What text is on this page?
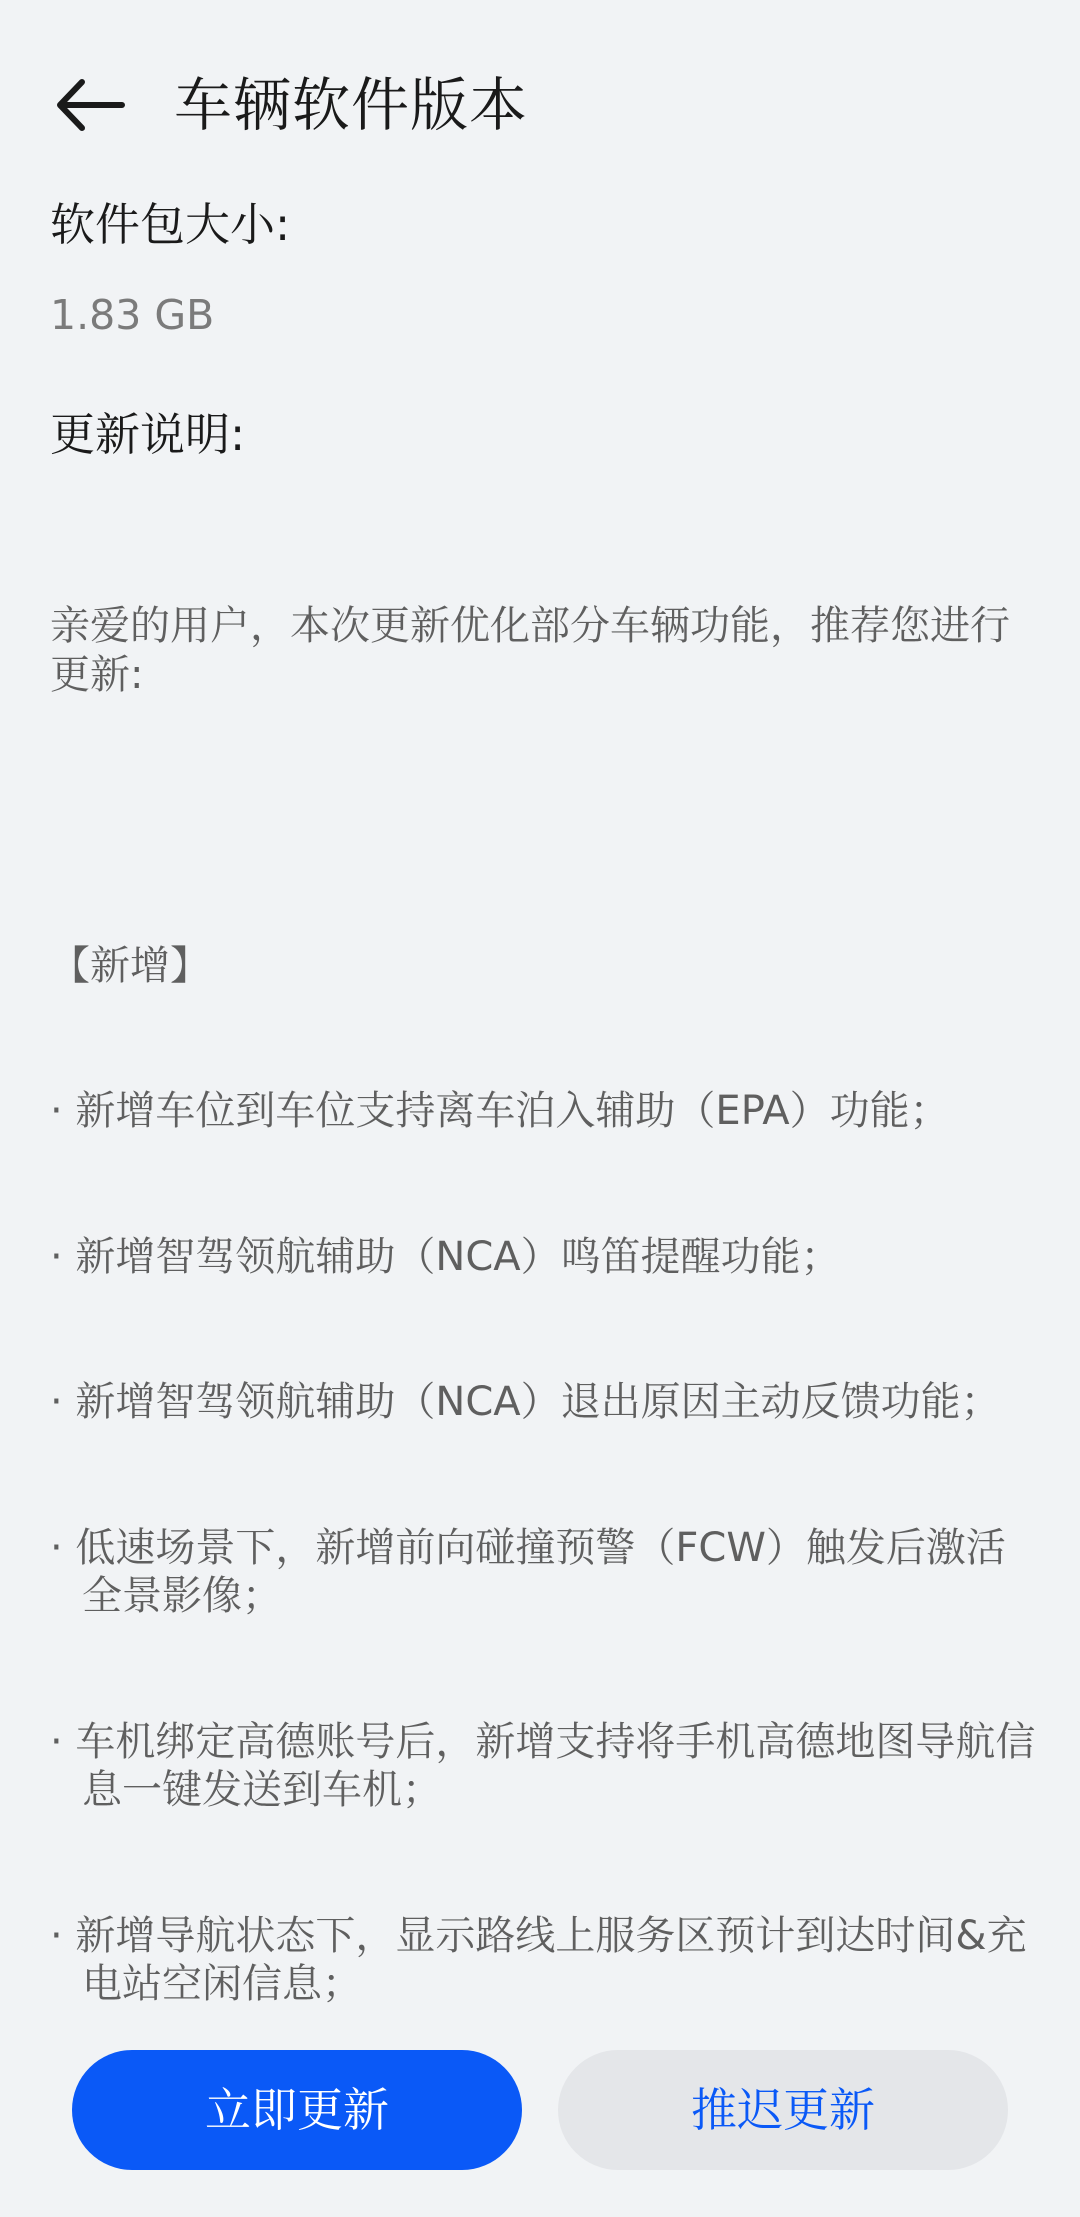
车辆软件版本

软件包大小:

1.83 GB

更新说明:

亲爱的用户，本次更新优化部分车辆功能，推荐您进行更新:

【新增】

· 新增车位到车位支持离车泊入辅助（EPA）功能；

· 新增智驾领航辅助（NCA）鸣笛提醒功能；

· 新增智驾领航辅助（NCA）退出原因主动反馈功能；

· 低速场景下，新增前向碰撞预警（FCW）触发后激活全景影像；

· 车机绑定高德账号后，新增支持将手机高德地图导航信息一键发送到车机；

· 新增导航状态下，显示路线上服务区预计到达时间&充电站空闲信息；

立即更新	推迟更新
